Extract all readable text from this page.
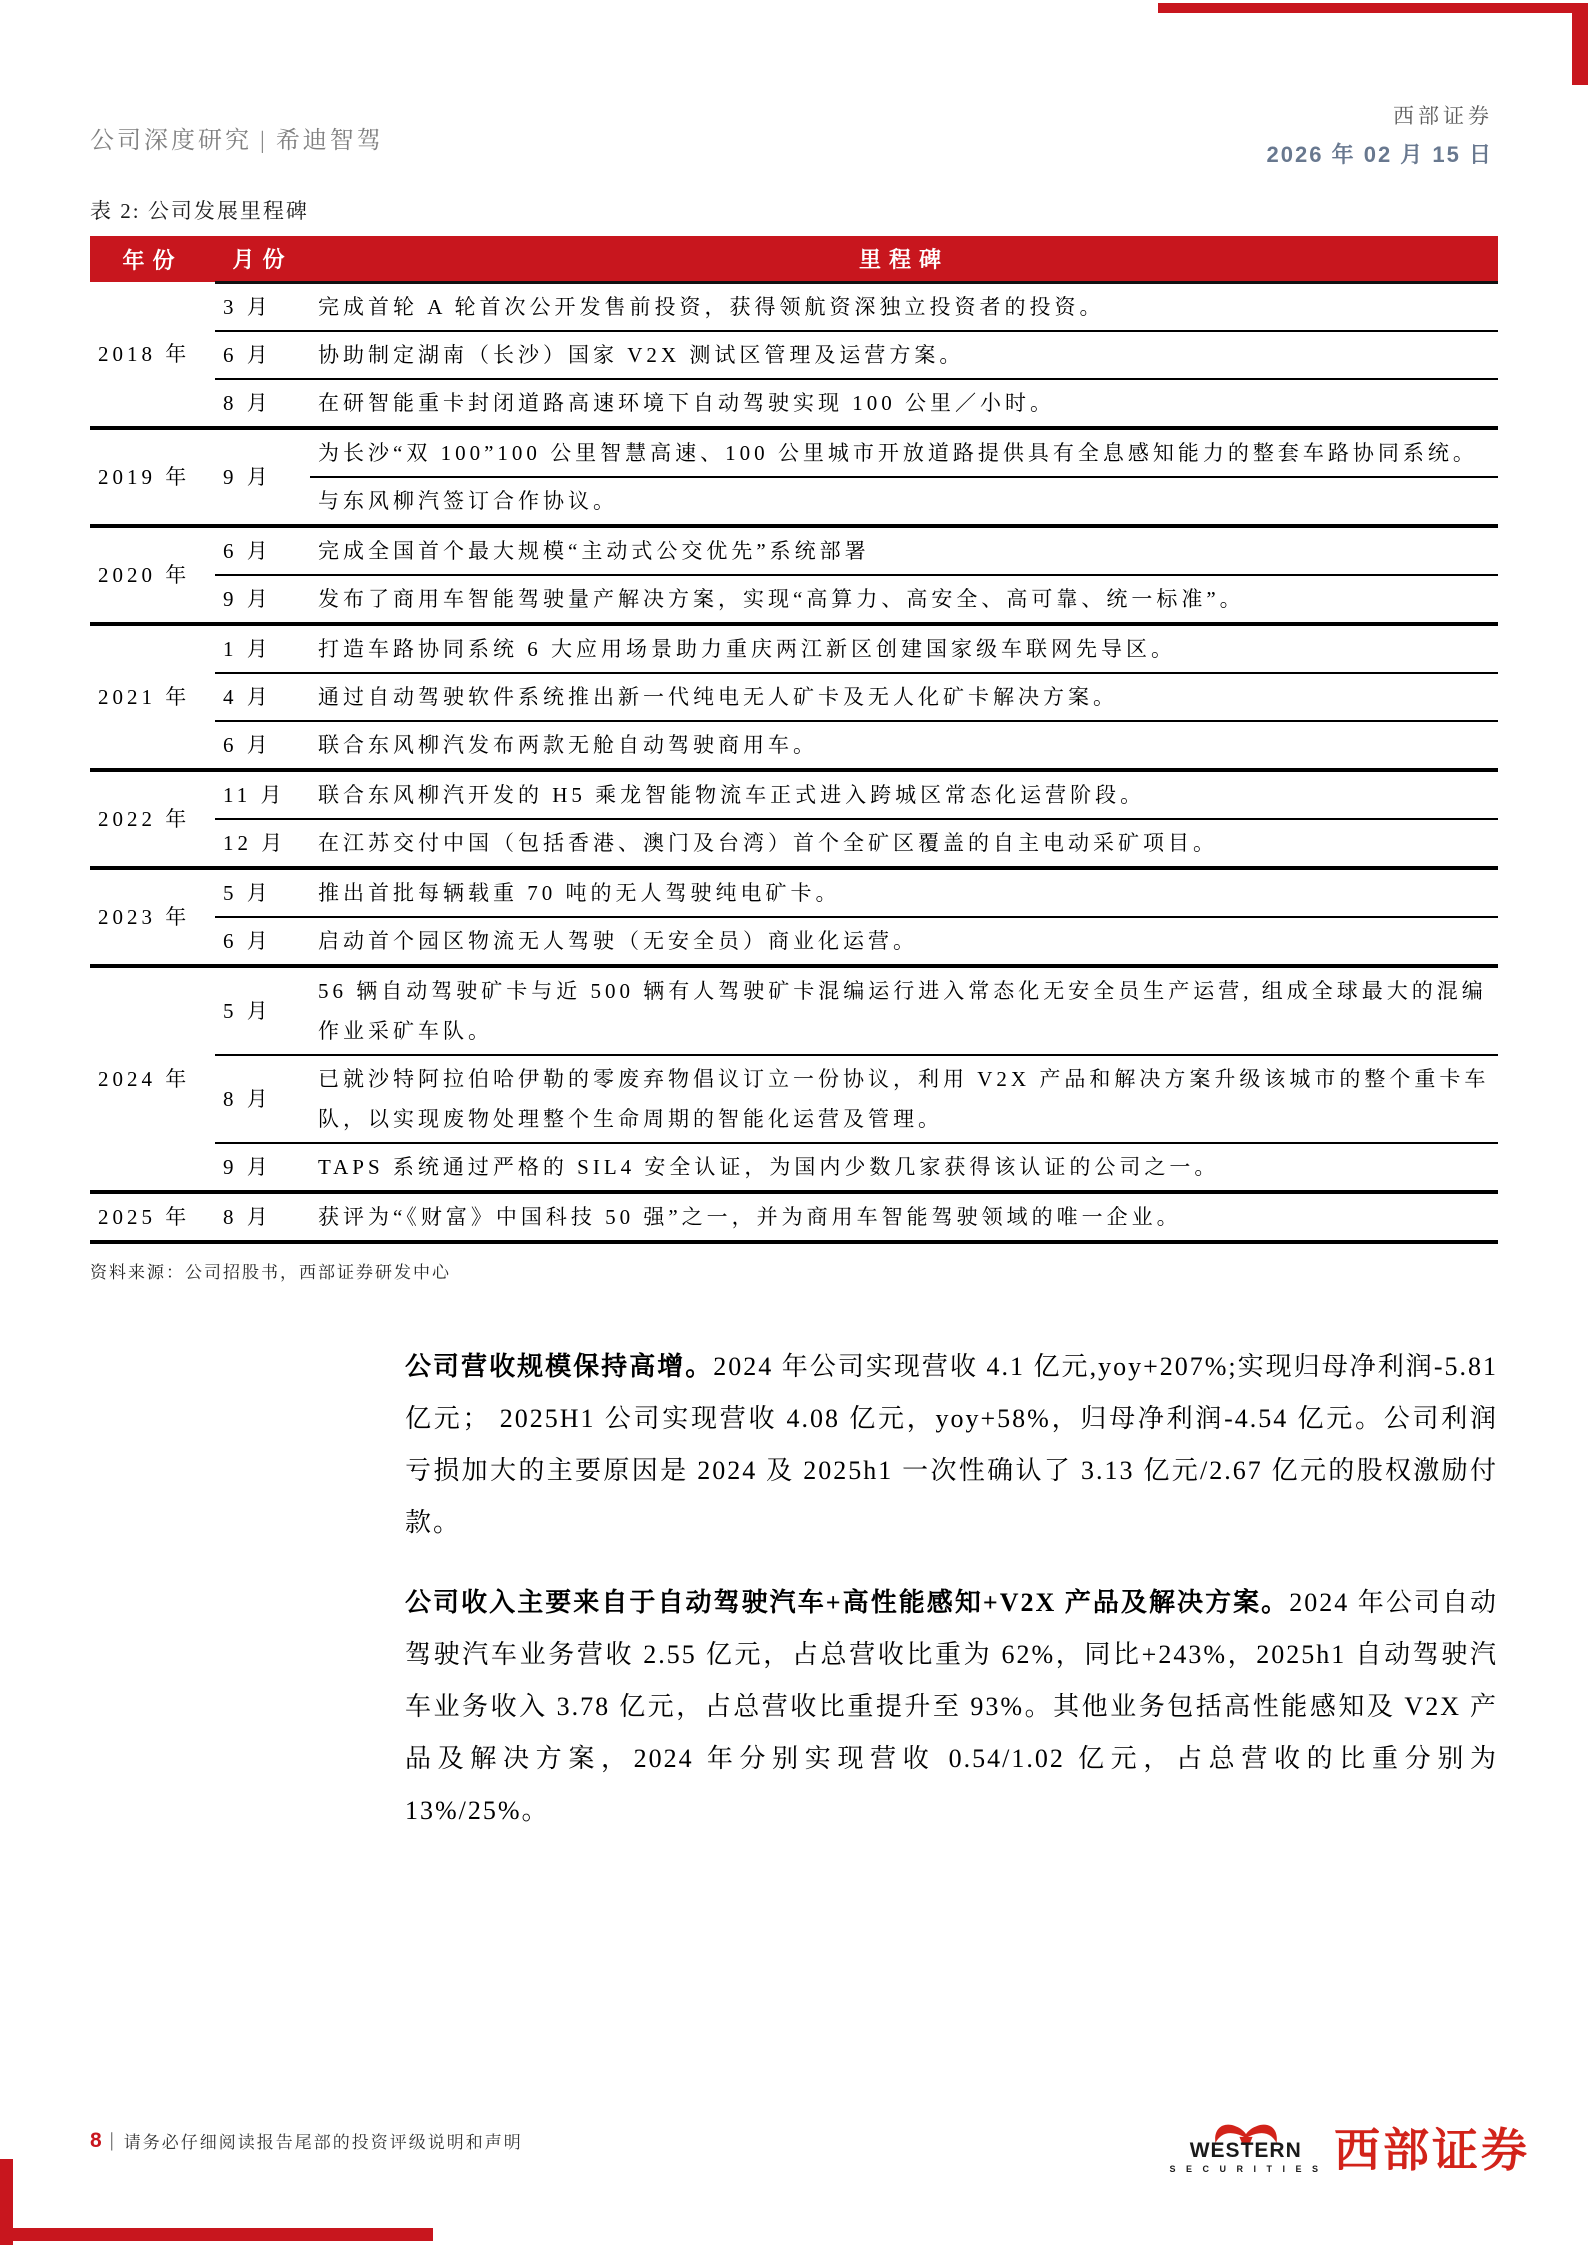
公司深度研究 | 希迪智驾
西部证券
2026 年 02 月 15 日
表 2: 公司发展里程碑
年份	月份	里程碑
2018 年	3 月	完成首轮 A 轮首次公开发售前投资，获得领航资深独立投资者的投资。
	6 月	协助制定湖南（长沙）国家 V2X 测试区管理及运营方案。
	8 月	在研智能重卡封闭道路高速环境下自动驾驶实现 100 公里／小时。
2019 年	9 月	为长沙“双 100”100 公里智慧高速、100 公里城市开放道路提供具有全息感知能力的整套车路协同系统。
		与东风柳汽签订合作协议。
2020 年	6 月	完成全国首个最大规模“主动式公交优先”系统部署
	9 月	发布了商用车智能驾驶量产解决方案，实现“高算力、高安全、高可靠、统一标准”。
2021 年	1 月	打造车路协同系统 6 大应用场景助力重庆两江新区创建国家级车联网先导区。
	4 月	通过自动驾驶软件系统推出新一代纯电无人矿卡及无人化矿卡解决方案。
	6 月	联合东风柳汽发布两款无舱自动驾驶商用车。
2022 年	11 月	联合东风柳汽开发的 H5 乘龙智能物流车正式进入跨城区常态化运营阶段。
	12 月	在江苏交付中国（包括香港、澳门及台湾）首个全矿区覆盖的自主电动采矿项目。
2023 年	5 月	推出首批每辆载重 70 吨的无人驾驶纯电矿卡。
	6 月	启动首个园区物流无人驾驶（无安全员）商业化运营。
2024 年	5 月	56 辆自动驾驶矿卡与近 500 辆有人驾驶矿卡混编运行进入常态化无安全员生产运营, 组成全球最大的混编作业采矿车队。
	8 月	已就沙特阿拉伯哈伊勒的零废弃物倡议订立一份协议，利用 V2X 产品和解决方案升级该城市的整个重卡车队，以实现废物处理整个生命周期的智能化运营及管理。
	9 月	TAPS 系统通过严格的 SIL4 安全认证，为国内少数几家获得该认证的公司之一。
2025 年	8 月	获评为“《财富》中国科技 50 强”之一，并为商用车智能驾驶领域的唯一企业。
资料来源：公司招股书，西部证券研发中心

公司营收规模保持高增。2024 年公司实现营收 4.1 亿元,yoy+207%;实现归母净利润-5.81 亿元； 2025H1 公司实现营收 4.08 亿元，yoy+58%，归母净利润-4.54 亿元。公司利润亏损加大的主要原因是 2024 及 2025h1 一次性确认了 3.13 亿元/2.67 亿元的股权激励付款。

公司收入主要来自于自动驾驶汽车+高性能感知+V2X 产品及解决方案。2024 年公司自动驾驶汽车业务营收 2.55 亿元，占总营收比重为 62%，同比+243%，2025h1 自动驾驶汽车业务收入 3.78 亿元，占总营收比重提升至 93%。其他业务包括高性能感知及 V2X 产品及解决方案，2024 年分别实现营收 0.54/1.02 亿元，占总营收的比重分别为 13%/25%。

8 | 请务必仔细阅读报告尾部的投资评级说明和声明	WESTERN
S E C U R I T I E S 西部证券
